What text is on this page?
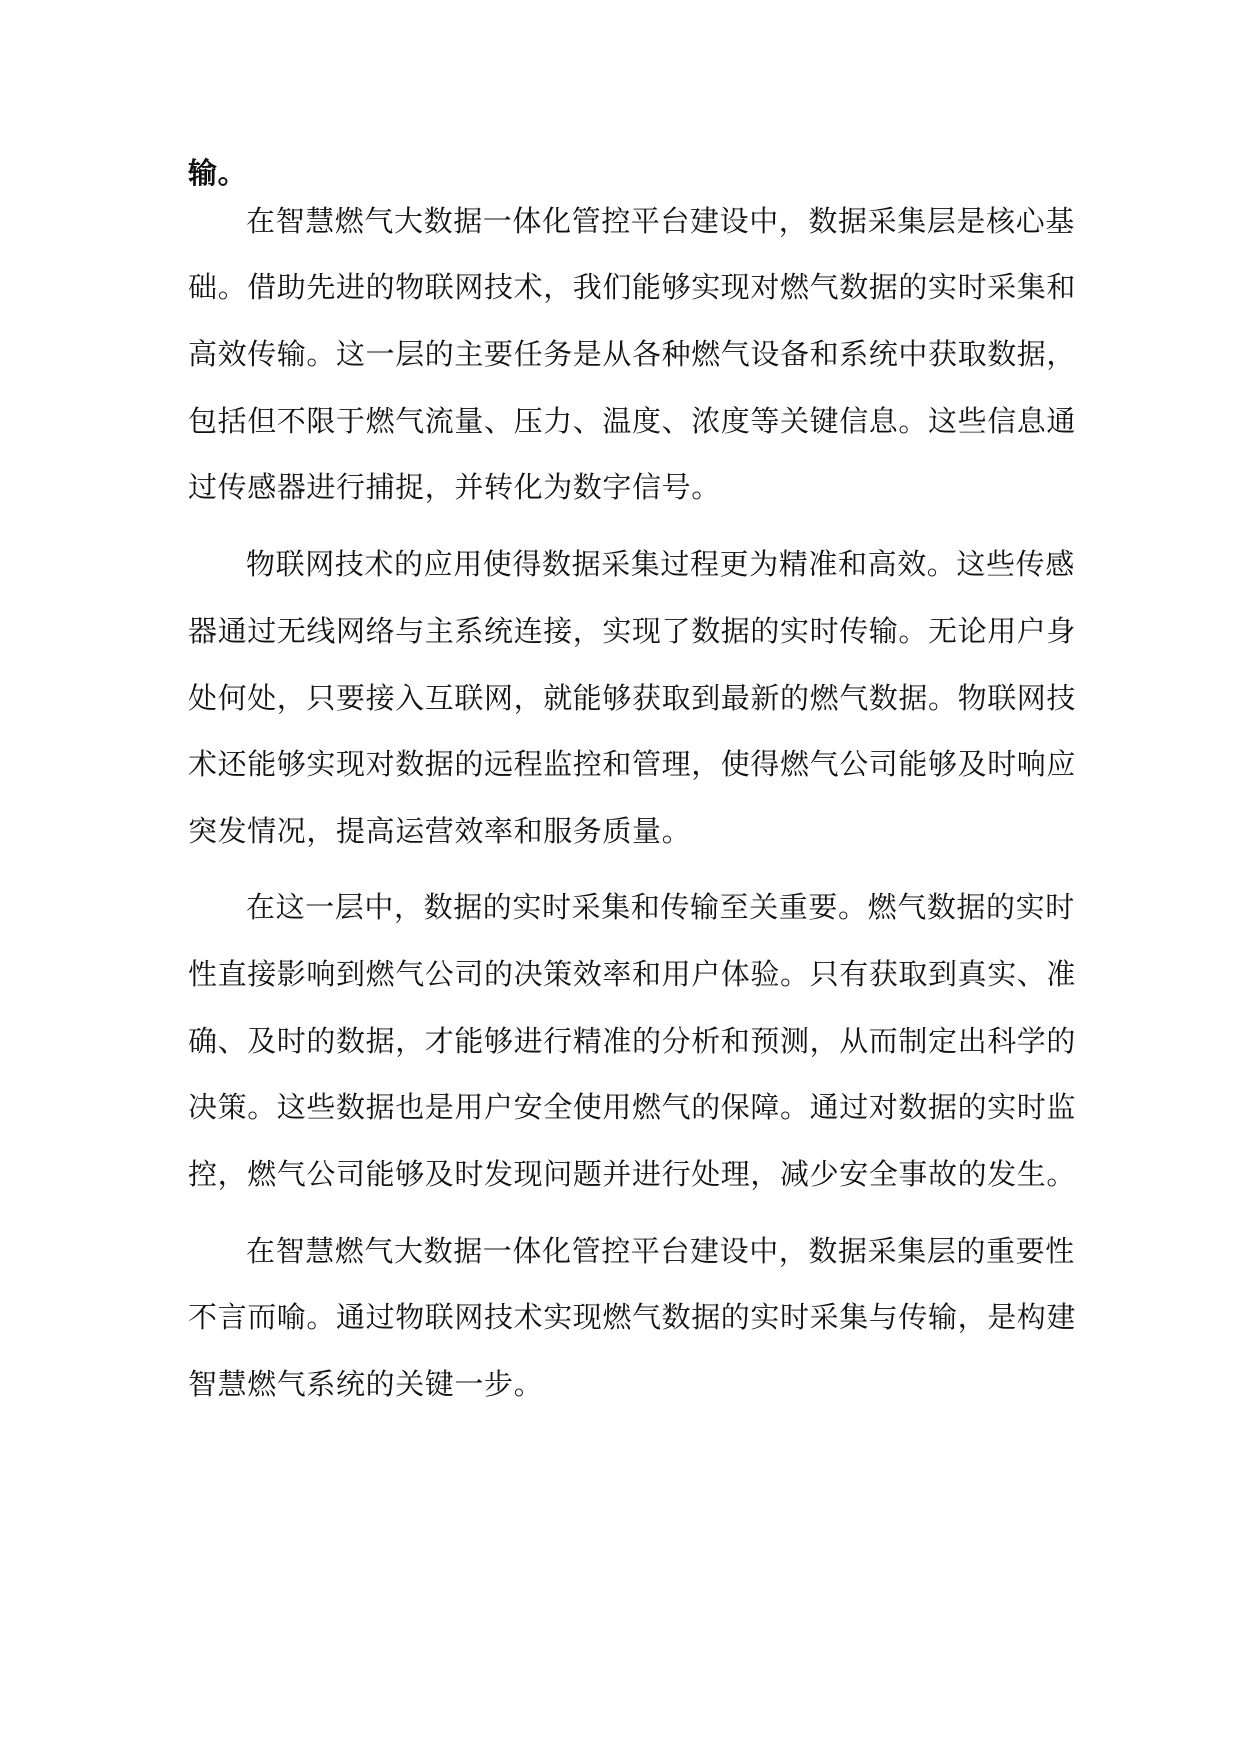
输。
在智慧燃气大数据一体化管控平台建设中，数据采集层是核心基
础。借助先进的物联网技术，我们能够实现对燃气数据的实时采集和
高效传输。这一层的主要任务是从各种燃气设备和系统中获取数据，
包括但不限于燃气流量、压力、温度、浓度等关键信息。这些信息通
过传感器进行捕捉，并转化为数字信号。
物联网技术的应用使得数据采集过程更为精准和高效。这些传感
器通过无线网络与主系统连接，实现了数据的实时传输。无论用户身
处何处，只要接入互联网，就能够获取到最新的燃气数据。物联网技
术还能够实现对数据的远程监控和管理，使得燃气公司能够及时响应
突发情况，提高运营效率和服务质量。
在这一层中，数据的实时采集和传输至关重要。燃气数据的实时
性直接影响到燃气公司的决策效率和用户体验。只有获取到真实、准
确、及时的数据，才能够进行精准的分析和预测，从而制定出科学的
决策。这些数据也是用户安全使用燃气的保障。通过对数据的实时监
控，燃气公司能够及时发现问题并进行处理，减少安全事故的发生。
在智慧燃气大数据一体化管控平台建设中，数据采集层的重要性
不言而喻。通过物联网技术实现燃气数据的实时采集与传输，是构建
智慧燃气系统的关键一步。
